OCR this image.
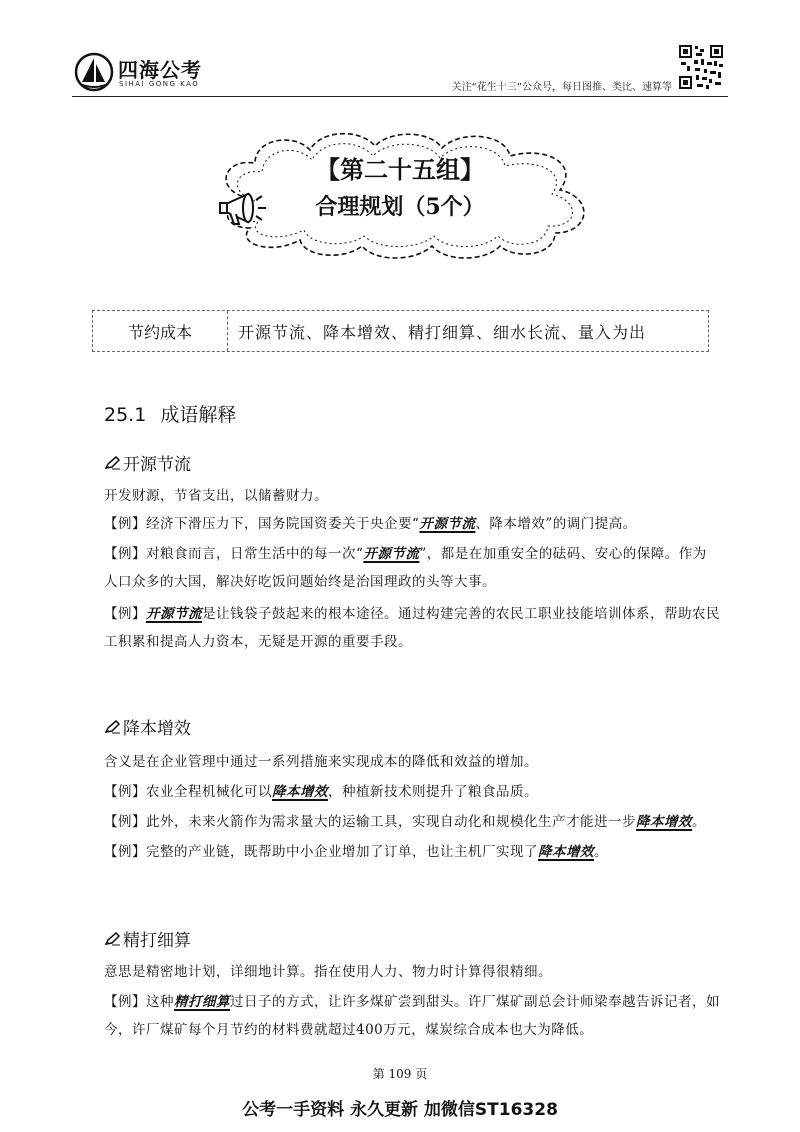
四海公考
SIHAI GONG KAO	关注“花生十三”公众号，每日图推、类比、速算等
【第二十五组】
合理规划（5个）
节约成本	开源节流、降本增效、精打细算、细水长流、量入为出
25.1 成语解释
开源节流
开发财源，节省支出，以储蓄财力。
【例】经济下滑压力下，国务院国资委关于央企要“开源节流、降本增效”的调门提高。
【例】对粮食而言，日常生活中的每一次“开源节流”，都是在加重安全的砝码、安心的保障。作为
人口众多的大国，解决好吃饭问题始终是治国理政的头等大事。
【例】开源节流是让钱袋子鼓起来的根本途径。通过构建完善的农民工职业技能培训体系，帮助农民
工积累和提高人力资本，无疑是开源的重要手段。
降本增效
含义是在企业管理中通过一系列措施来实现成本的降低和效益的增加。
【例】农业全程机械化可以降本增效，种植新技术则提升了粮食品质。
【例】此外，未来火箭作为需求量大的运输工具，实现自动化和规模化生产才能进一步降本增效。
【例】完整的产业链，既帮助中小企业增加了订单，也让主机厂实现了降本增效。
精打细算
意思是精密地计划，详细地计算。指在使用人力、物力时计算得很精细。
【例】这种精打细算过日子的方式，让许多煤矿尝到甜头。许厂煤矿副总会计师梁奉越告诉记者，如
今，许厂煤矿每个月节约的材料费就超过400万元，煤炭综合成本也大为降低。
第 109 页
公考一手资料 永久更新 加微信ST16328
